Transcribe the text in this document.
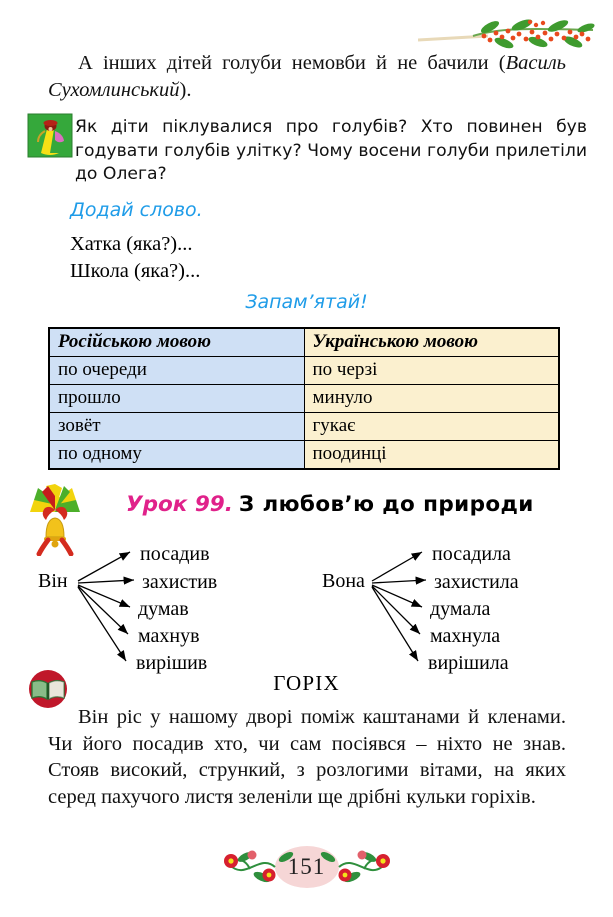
А інших дітей голуби немовби й не бачили (Василь Сухомлинський).
Як діти піклувалися про голубів? Хто повинен був годувати голубів улітку? Чому восени голуби прилетіли до Олега?
Додай слово.
Хатка (яка?)...
Школа (яка?)...
Запам’ятай!
Російською мовою	Українською мовою
по очереди	по черзі
прошло	минуло
зовёт	гукає
по одному	поодинці
Урок 99. З любов’ю до природи
Він
посадив
захистив
думав
махнув
вирішив
Вона
посадила
захистила
думала
махнула
вирішила
ГОРІХ
Він ріс у нашому дворі поміж каштанами й кленами. Чи його посадив хто, чи сам посіявся – ніхто не знав. Стояв високий, стрункий, з розлогими вітами, на яких серед пахучого листя зеленіли ще дрібні кульки горіхів.
151
